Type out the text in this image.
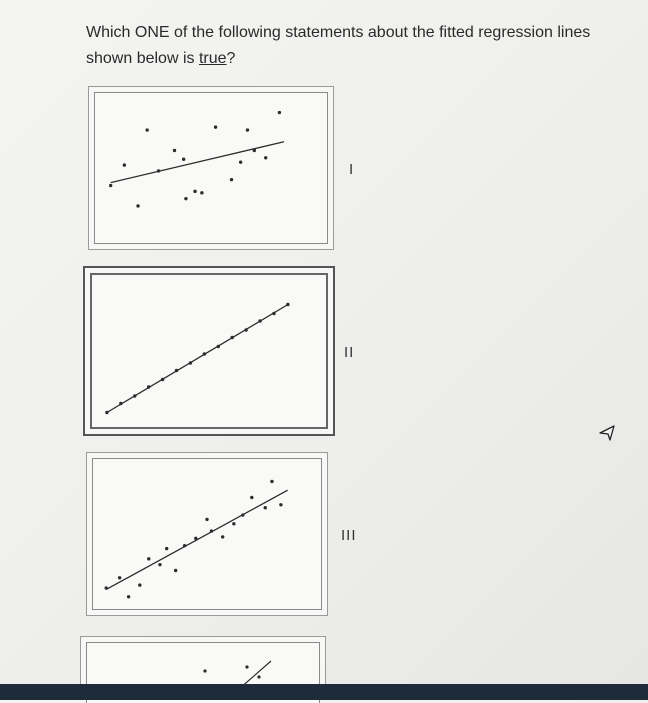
Which ONE of the following statements about the fitted regression lines shown below is true?
I
II
III
